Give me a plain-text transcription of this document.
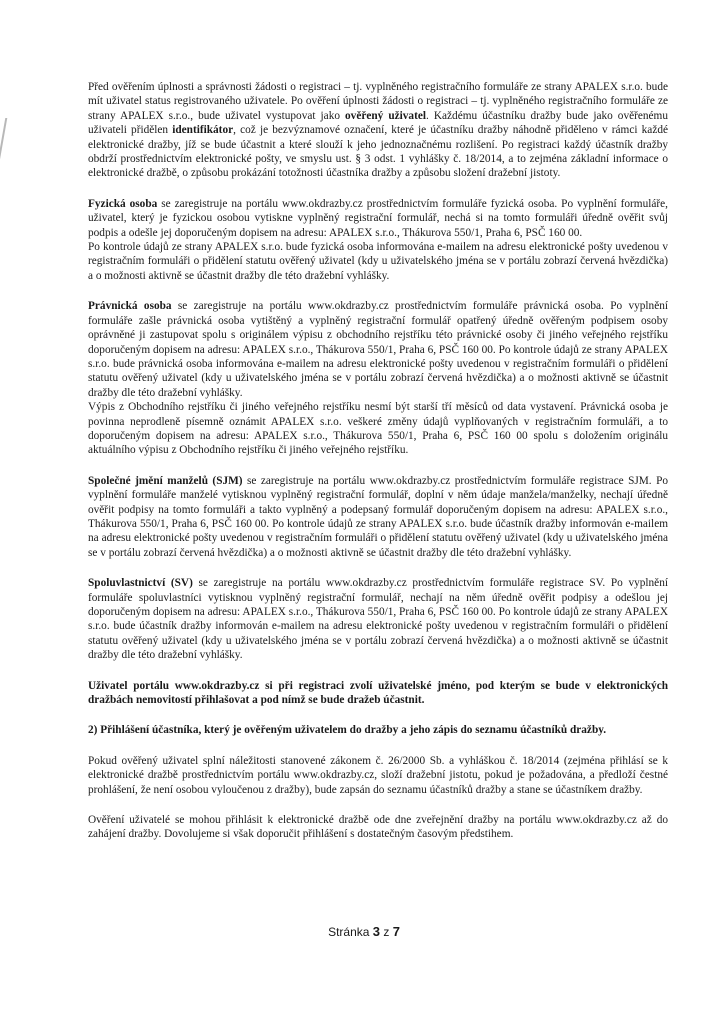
Před ověřením úplnosti a správnosti žádosti o registraci – tj. vyplněného registračního formuláře ze strany APALEX s.r.o. bude mít uživatel status registrovaného uživatele. Po ověření úplnosti žádosti o registraci – tj. vyplněného registračního formuláře ze strany APALEX s.r.o., bude uživatel vystupovat jako ověřený uživatel. Každému účastníku dražby bude jako ověřenému uživateli přidělen identifikátor, což je bezvýznamové označení, které je účastníku dražby náhodně přiděleno v rámci každé elektronické dražby, jíž se bude účastnit a které slouží k jeho jednoznačnému rozlišení. Po registraci každý účastník dražby obdrží prostřednictvím elektronické pošty, ve smyslu ust. § 3 odst. 1 vyhlášky č. 18/2014, a to zejména základní informace o elektronické dražbě, o způsobu prokázání totožnosti účastníka dražby a způsobu složení dražební jistoty.

Fyzická osoba se zaregistruje na portálu www.okdrazby.cz prostřednictvím formuláře fyzická osoba. Po vyplnění formuláře, uživatel, který je fyzickou osobou vytiskne vyplněný registrační formulář, nechá si na tomto formuláři úředně ověřit svůj podpis a odešle jej doporučeným dopisem na adresu: APALEX s.r.o., Thákurova 550/1, Praha 6, PSČ 160 00.

Po kontrole údajů ze strany APALEX s.r.o. bude fyzická osoba informována e-mailem na adresu elektronické pošty uvedenou v registračním formuláři o přidělení statutu ověřený uživatel (kdy u uživatelského jména se v portálu zobrazí červená hvězdička) a o možnosti aktivně se účastnit dražby dle této dražební vyhlášky.

Právnická osoba se zaregistruje na portálu www.okdrazby.cz prostřednictvím formuláře právnická osoba. Po vyplnění formuláře zašle právnická osoba vytištěný a vyplněný registrační formulář opatřený úředně ověřeným podpisem osoby oprávněné ji zastupovat spolu s originálem výpisu z obchodního rejstříku této právnické osoby či jiného veřejného rejstříku doporučeným dopisem na adresu: APALEX s.r.o., Thákurova 550/1, Praha 6, PSČ 160 00. Po kontrole údajů ze strany APALEX s.r.o. bude právnická osoba informována e-mailem na adresu elektronické pošty uvedenou v registračním formuláři o přidělení statutu ověřený uživatel (kdy u uživatelského jména se v portálu zobrazí červená hvězdička) a o možnosti aktivně se účastnit dražby dle této dražební vyhlášky.

Výpis z Obchodního rejstříku či jiného veřejného rejstříku nesmí být starší tří měsíců od data vystavení. Právnická osoba je povinna neprodleně písemně oznámit APALEX s.r.o. veškeré změny údajů vyplňovaných v registračním formuláři, a to doporučeným dopisem na adresu: APALEX s.r.o., Thákurova 550/1, Praha 6, PSČ 160 00 spolu s doložením originálu aktuálního výpisu z Obchodního rejstříku či jiného veřejného rejstříku.

Společné jmění manželů (SJM) se zaregistruje na portálu www.okdrazby.cz prostřednictvím formuláře registrace SJM. Po vyplnění formuláře manželé vytisknou vyplněný registrační formulář, doplní v něm údaje manžela/manželky, nechají úředně ověřit podpisy na tomto formuláři a takto vyplněný a podepsaný formulář doporučeným dopisem na adresu: APALEX s.r.o., Thákurova 550/1, Praha 6, PSČ 160 00. Po kontrole údajů ze strany APALEX s.r.o. bude účastník dražby informován e-mailem na adresu elektronické pošty uvedenou v registračním formuláři o přidělení statutu ověřený uživatel (kdy u uživatelského jména se v portálu zobrazí červená hvězdička) a o možnosti aktivně se účastnit dražby dle této dražební vyhlášky.

Spoluvlastnictví (SV) se zaregistruje na portálu www.okdrazby.cz prostřednictvím formuláře registrace SV. Po vyplnění formuláře spoluvlastníci vytisknou vyplněný registrační formulář, nechají na něm úředně ověřit podpisy a odešlou jej doporučeným dopisem na adresu: APALEX s.r.o., Thákurova 550/1, Praha 6, PSČ 160 00. Po kontrole údajů ze strany APALEX s.r.o. bude účastník dražby informován e-mailem na adresu elektronické pošty uvedenou v registračním formuláři o přidělení statutu ověřený uživatel (kdy u uživatelského jména se v portálu zobrazí červená hvězdička) a o možnosti aktivně se účastnit dražby dle této dražební vyhlášky.

Uživatel portálu www.okdrazby.cz si při registraci zvolí uživatelské jméno, pod kterým se bude v elektronických dražbách nemovitostí přihlašovat a pod nímž se bude dražeb účastnit.

2) Přihlášení účastníka, který je ověřeným uživatelem do dražby a jeho zápis do seznamu účastníků dražby.

Pokud ověřený uživatel splní náležitosti stanovené zákonem č. 26/2000 Sb. a vyhláškou č. 18/2014 (zejména přihlásí se k elektronické dražbě prostřednictvím portálu www.okdrazby.cz, složí dražební jistotu, pokud je požadována, a předloží čestné prohlášení, že není osobou vyloučenou z dražby), bude zapsán do seznamu účastníků dražby a stane se účastníkem dražby.

Ověření uživatelé se mohou přihlásit k elektronické dražbě ode dne zveřejnění dražby na portálu www.okdrazby.cz až do zahájení dražby. Dovolujeme si však doporučit přihlášení s dostatečným časovým předstihem.

Stránka 3 z 7
